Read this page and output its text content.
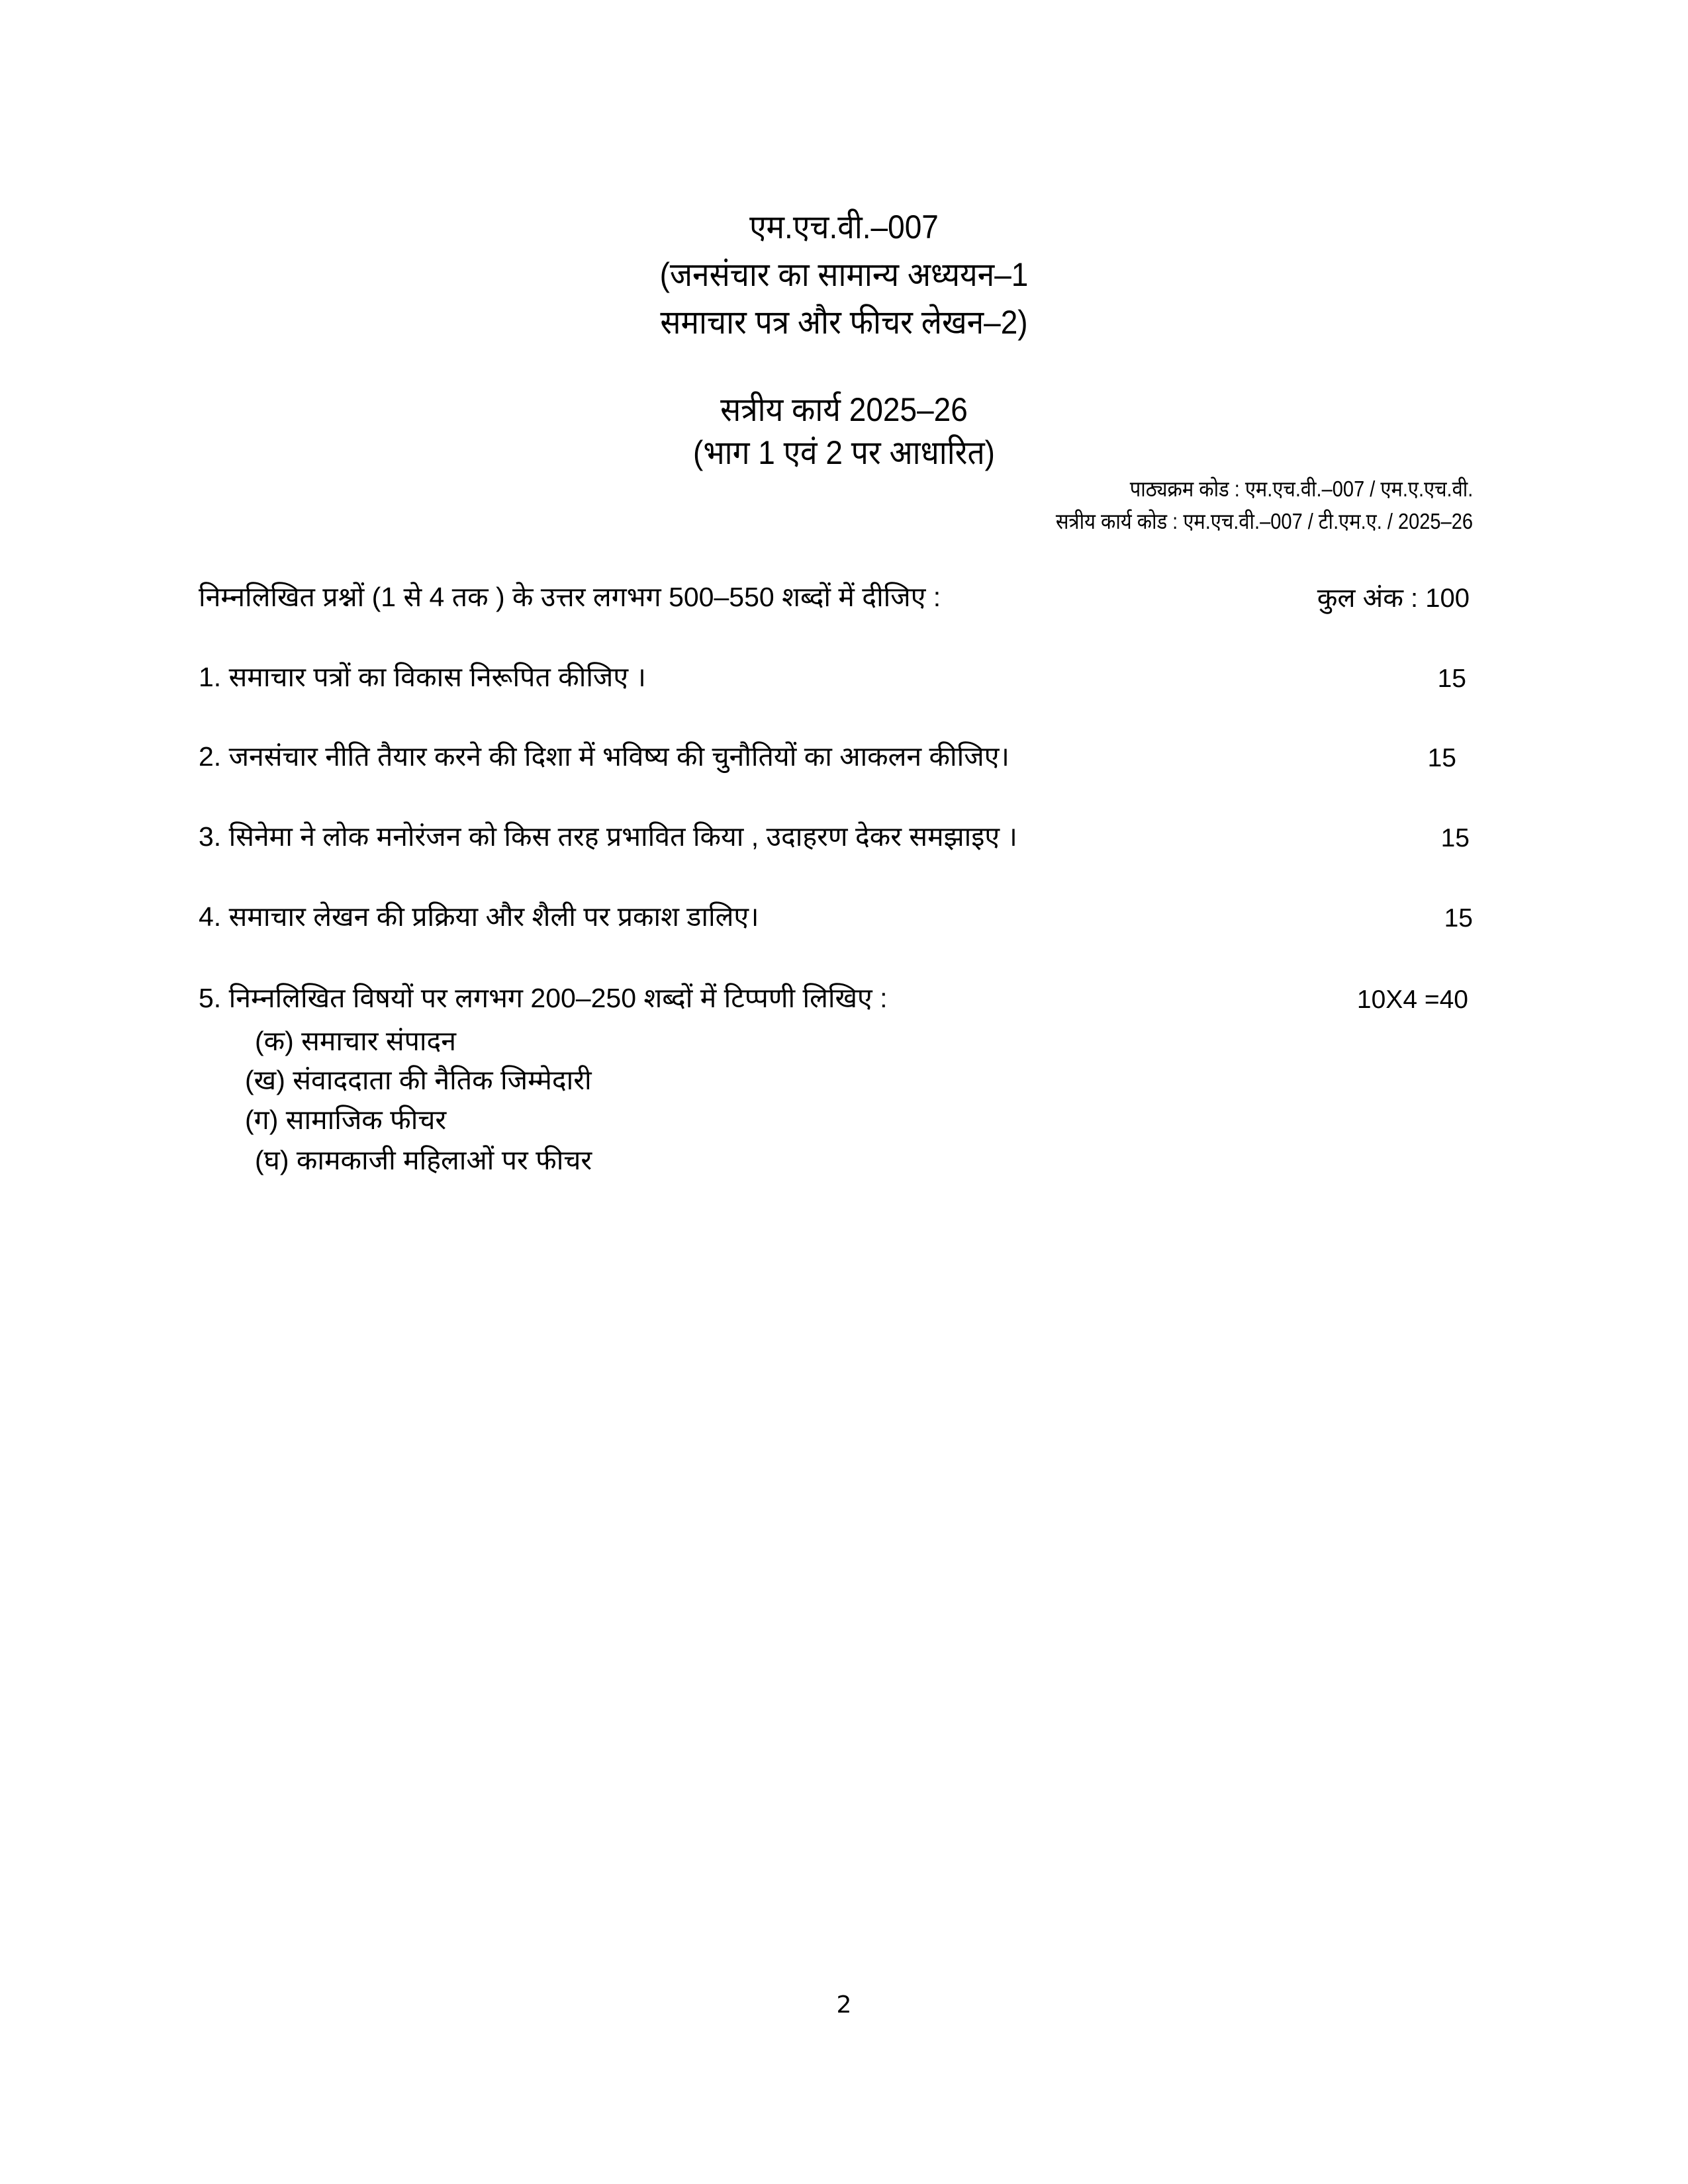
एम.एच.वी.–007
(जनसंचार का सामान्य अध्ययन–1
समाचार पत्र और फीचर लेखन–2)
सत्रीय कार्य 2025–26
(भाग 1 एवं 2 पर आधारित)
पाठ्यक्रम कोड : एम.एच.वी.–007 / एम.ए.एच.वी.
सत्रीय कार्य कोड : एम.एच.वी.–007 / टी.एम.ए. / 2025–26
निम्नलिखित प्रश्नों (1 से 4 तक ) के उत्तर लगभग 500–550 शब्दों में दीजिए :	कुल अंक : 100
1. समाचार पत्रों का विकास निरूपित कीजिए ।	15
2. जनसंचार नीति तैयार करने की दिशा में भविष्य की चुनौतियों का आकलन कीजिए।	15
3. सिनेमा ने लोक मनोरंजन को किस तरह प्रभावित किया , उदाहरण देकर समझाइए ।	15
4. समाचार लेखन की प्रक्रिया और शैली पर प्रकाश डालिए।	15
5. निम्नलिखित विषयों पर लगभग 200–250 शब्दों में टिप्पणी लिखिए :	10X4 =40
(क) समाचार संपादन
(ख) संवाददाता की नैतिक जिम्मेदारी
(ग) सामाजिक फीचर
(घ) कामकाजी महिलाओं पर फीचर
2
